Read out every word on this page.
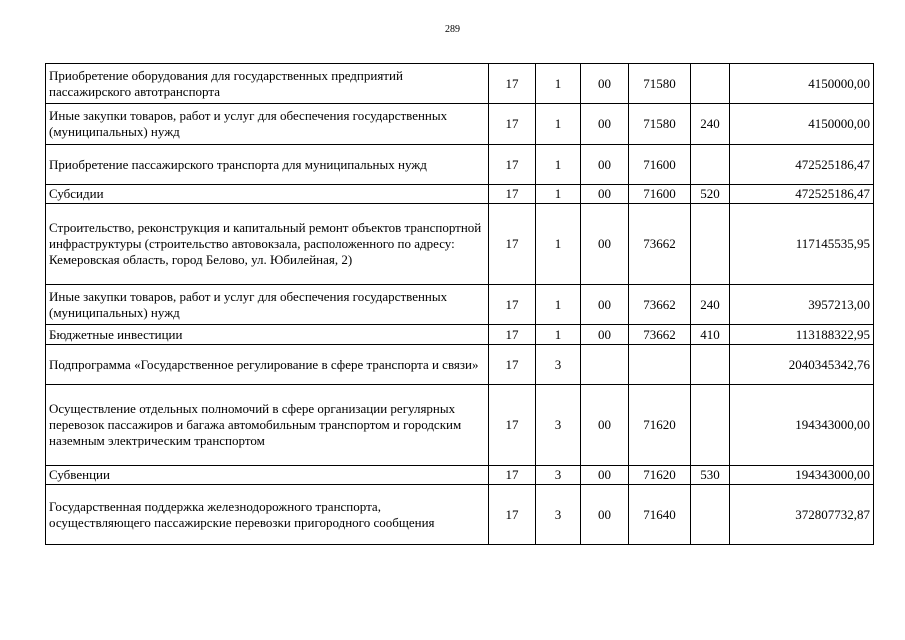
289
Приобретение оборудования для государственных предприятий пассажирского автотранспорта	17	1	00	71580		4150000,00
Иные закупки товаров, работ и услуг для обеспечения государственных (муниципальных) нужд	17	1	00	71580	240	4150000,00
Приобретение пассажирского транспорта для муниципальных нужд	17	1	00	71600		472525186,47
Субсидии	17	1	00	71600	520	472525186,47
Строительство, реконструкция и капитальный ремонт объектов транспортной инфраструктуры (строительство автовокзала, расположенного по адресу: Кемеровская область, город Белово, ул. Юбилейная, 2)	17	1	00	73662		117145535,95
Иные закупки товаров, работ и услуг для обеспечения государственных (муниципальных) нужд	17	1	00	73662	240	3957213,00
Бюджетные инвестиции	17	1	00	73662	410	113188322,95
Подпрограмма «Государственное регулирование в сфере транспорта и связи»	17	3				2040345342,76
Осуществление отдельных полномочий в сфере организации регулярных перевозок пассажиров и багажа автомобильным транспортом и городским наземным электрическим транспортом	17	3	00	71620		194343000,00
Субвенции	17	3	00	71620	530	194343000,00
Государственная поддержка железнодорожного транспорта, осуществляющего пассажирские перевозки пригородного сообщения	17	3	00	71640		372807732,87
